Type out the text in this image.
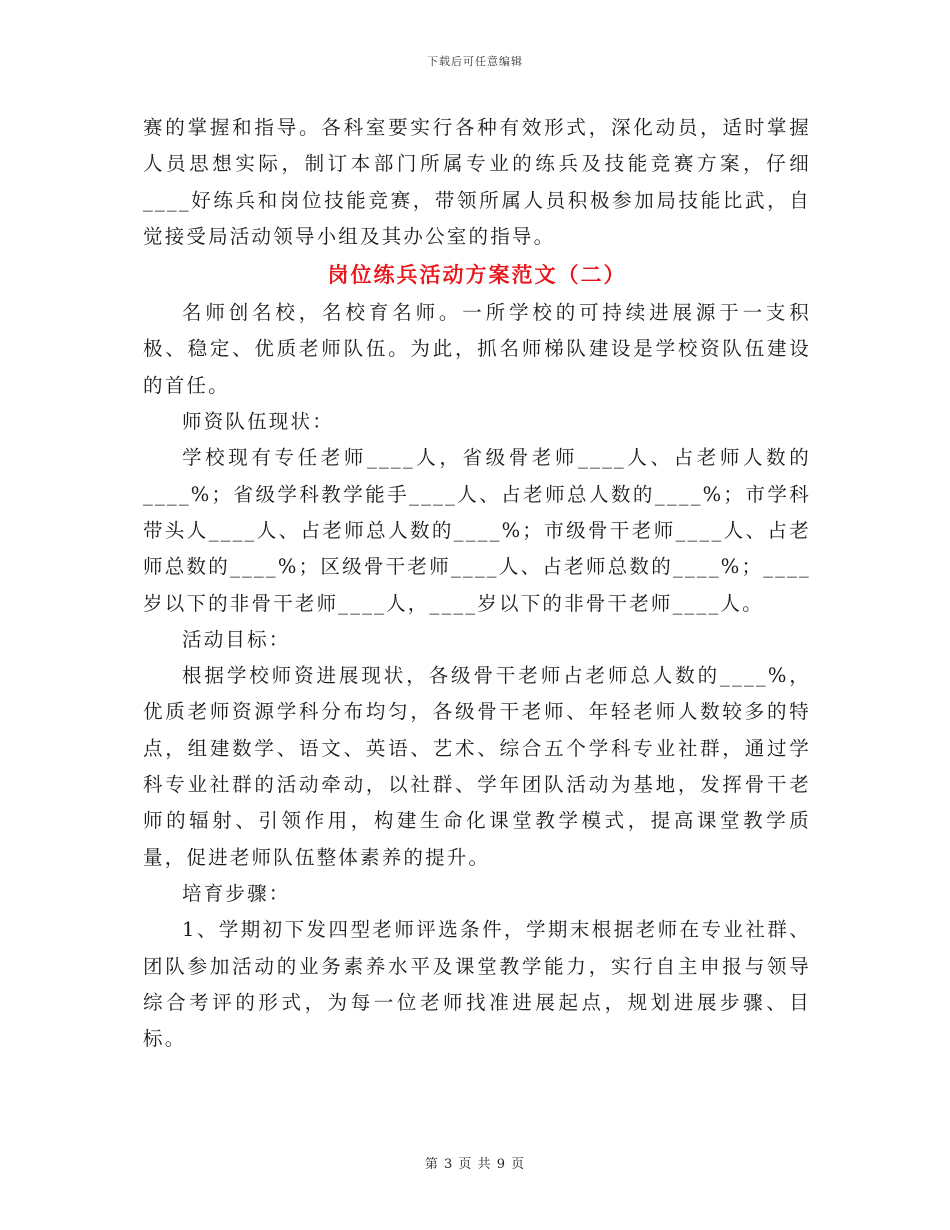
下载后可任意编辑

赛的掌握和指导。各科室要实行各种有效形式，深化动员，适时掌握人员思想实际，制订本部门所属专业的练兵及技能竞赛方案，仔细____好练兵和岗位技能竞赛，带领所属人员积极参加局技能比武，自觉接受局活动领导小组及其办公室的指导。

岗位练兵活动方案范文（二）

名师创名校，名校育名师。一所学校的可持续进展源于一支积极、稳定、优质老师队伍。为此，抓名师梯队建设是学校资队伍建设的首任。

师资队伍现状：

学校现有专任老师____人，省级骨老师____人、占老师人数的____%；省级学科教学能手____人、占老师总人数的____%；市学科带头人____人、占老师总人数的____%；市级骨干老师____人、占老师总数的____%；区级骨干老师____人、占老师总数的____%；____岁以下的非骨干老师____人，____岁以下的非骨干老师____人。

活动目标：

根据学校师资进展现状，各级骨干老师占老师总人数的____%，优质老师资源学科分布均匀，各级骨干老师、年轻老师人数较多的特点，组建数学、语文、英语、艺术、综合五个学科专业社群，通过学科专业社群的活动牵动，以社群、学年团队活动为基地，发挥骨干老师的辐射、引领作用，构建生命化课堂教学模式，提高课堂教学质量，促进老师队伍整体素养的提升。

培育步骤：

1、学期初下发四型老师评选条件，学期末根据老师在专业社群、团队参加活动的业务素养水平及课堂教学能力，实行自主申报与领导综合考评的形式，为每一位老师找准进展起点，规划进展步骤、目标。

第 3 页 共 9 页
